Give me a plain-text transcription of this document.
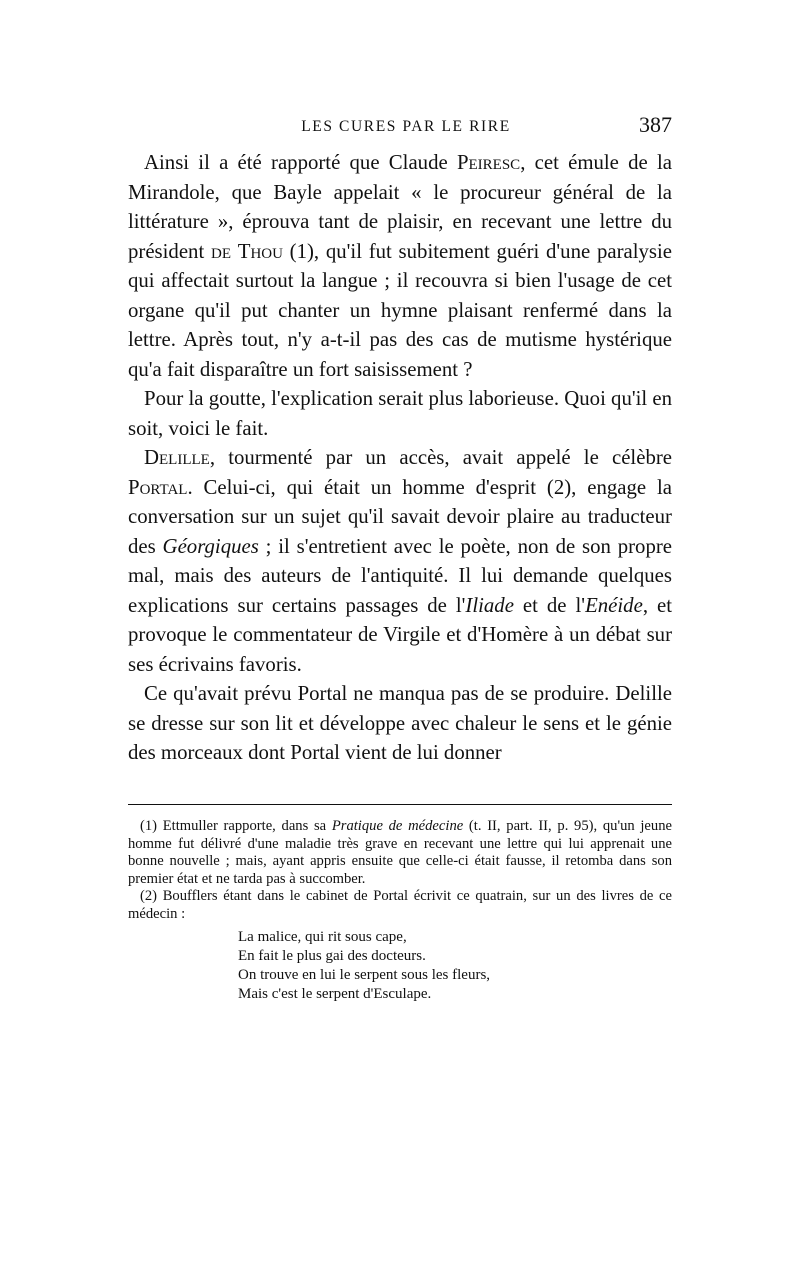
LES CURES PAR LE RIRE	387

Ainsi il a été rapporté que Claude Peiresc, cet émule de la Mirandole, que Bayle appelait « le procureur général de la littérature », éprouva tant de plaisir, en recevant une lettre du président de Thou (1), qu'il fut subitement guéri d'une paralysie qui affectait surtout la langue ; il recouvra si bien l'usage de cet organe qu'il put chanter un hymne plaisant renfermé dans la lettre. Après tout, n'y a-t-il pas des cas de mutisme hystérique qu'a fait disparaître un fort saisissement ?

Pour la goutte, l'explication serait plus laborieuse. Quoi qu'il en soit, voici le fait.

Delille, tourmenté par un accès, avait appelé le célèbre Portal. Celui-ci, qui était un homme d'esprit (2), engage la conversation sur un sujet qu'il savait devoir plaire au traducteur des Géorgiques ; il s'entretient avec le poète, non de son propre mal, mais des auteurs de l'antiquité. Il lui demande quelques explications sur certains passages de l'Iliade et de l'Enéide, et provoque le commentateur de Virgile et d'Homère à un débat sur ses écrivains favoris.

Ce qu'avait prévu Portal ne manqua pas de se produire. Delille se dresse sur son lit et développe avec chaleur le sens et le génie des morceaux dont Portal vient de lui donner

(1) Ettmuller rapporte, dans sa Pratique de médecine (t. II, part. II, p. 95), qu'un jeune homme fut délivré d'une maladie très grave en recevant une lettre qui lui apprenait une bonne nouvelle ; mais, ayant appris ensuite que celle-ci était fausse, il retomba dans son premier état et ne tarda pas à succomber.

(2) Boufflers étant dans le cabinet de Portal écrivit ce quatrain, sur un des livres de ce médecin :

La malice, qui rit sous cape,
En fait le plus gai des docteurs.
On trouve en lui le serpent sous les fleurs,
Mais c'est le serpent d'Esculape.
